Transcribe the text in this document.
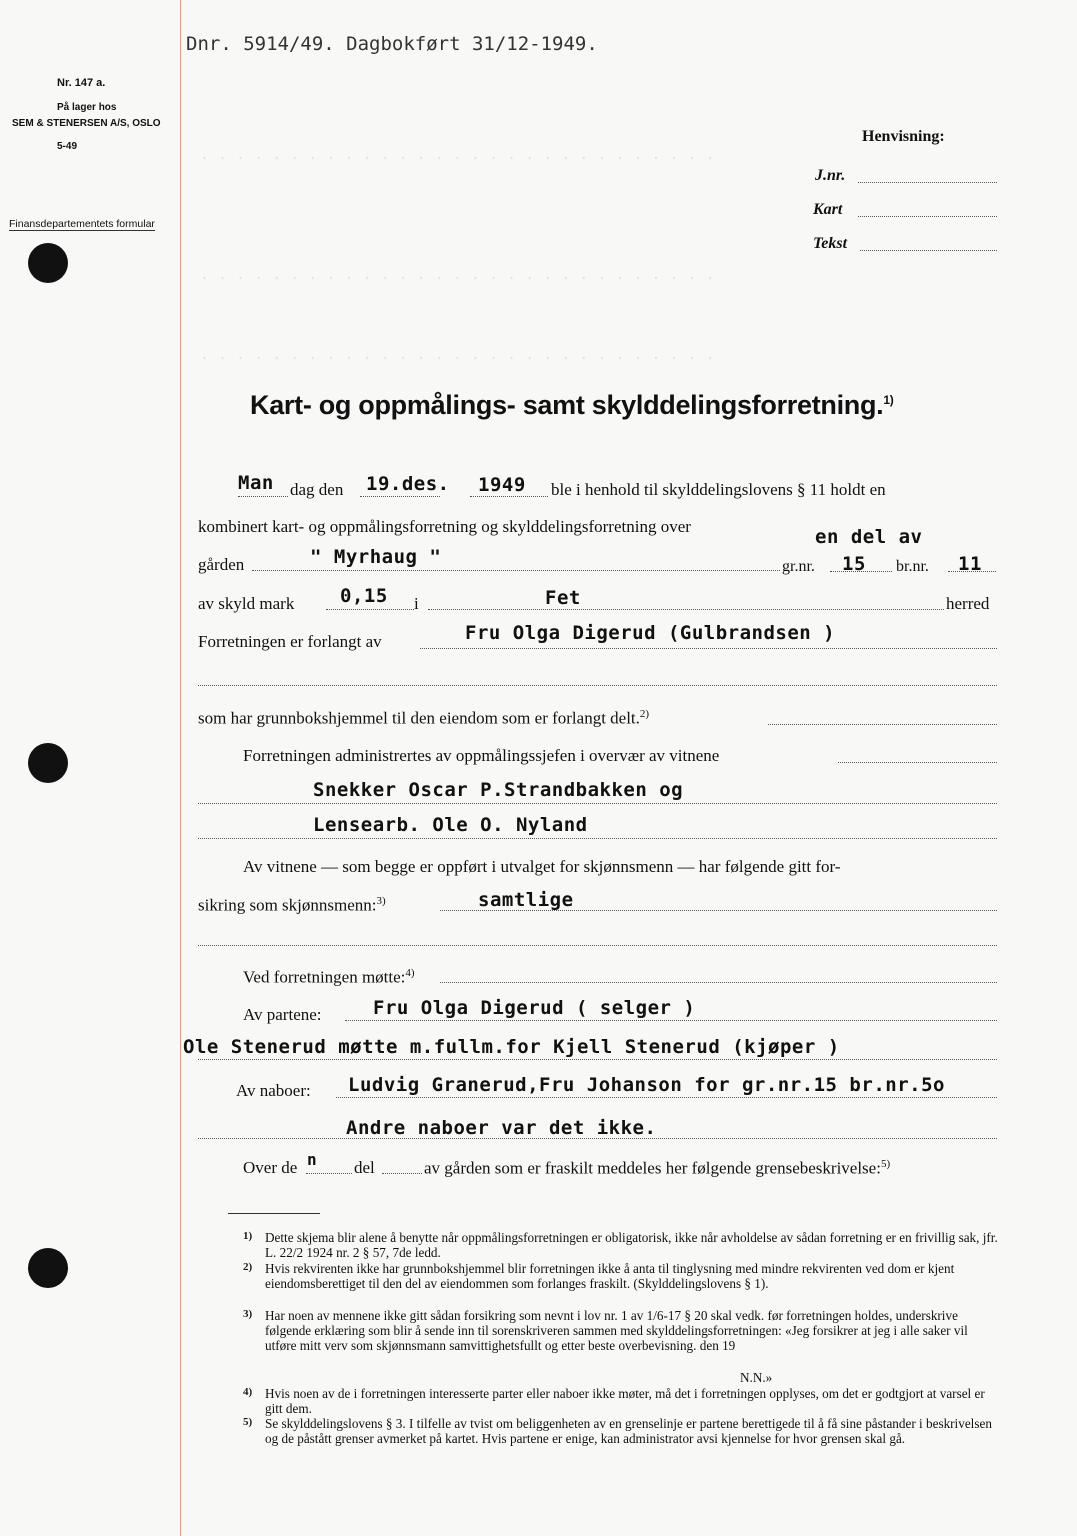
. . . . . . . . . . . . . . . . . . . . . . . . . . . . .
. . . . . . . . . . . . . . . . . . . . . . . . . . . . .
. . . . . . . . . . . . . . . . . . . . . . . . . . . . .
Dnr. 5914/49. Dagbokført 31/12-1949.
Nr. 147 a.
På lager hos
SEM & STENERSEN A/S, OSLO
5-49
Finansdepartementets formular
Henvisning:
J.nr.
Kart
Tekst
Kart- og oppmålings- samt skylddelingsforretning.$^{1)}$
Man dag den 19.des. 1949 ble i henhold til skylddelingslovens § 11 holdt en
kombinert kart- og oppmålingsforretning og skylddelingsforretning over	en del av
gården	" Myrhaug "	gr.nr. 15 br.nr. 11
av skyld mark 0,15 i	Fet	herred
Forretningen er forlangt av	Fru Olga Digerud (Gulbrandsen )
som har grunnbokshjemmel til den eiendom som er forlangt delt.$^{2)}$
Forretningen administrertes av oppmålingssjefen i overvær av vitnene
Snekker Oscar P.Strandbakken og
Lensearb. Ole O. Nyland
Av vitnene — som begge er oppført i utvalget for skjønnsmenn — har følgende gitt for-
sikring som skjønnsmenn:$^{3)}$	samtlige
Ved forretningen møtte:$^{4)}$
Av partene:	Fru Olga Digerud ( selger )
Ole Stenerud møtte m.fullm.for Kjell Stenerud (kjøper )
Av naboer: Ludvig Granerud,Fru Johanson for gr.nr.15 br.nr.5o
Andre naboer var det ikke.
Over de n del	av gården som er fraskilt meddeles her følgende grensebeskrivelse:$^{5)}$
1) Dette skjema blir alene å benytte når oppmålingsforretningen er obligatorisk, ikke når avholdelse av sådan forretning er en frivillig sak, jfr. L. 22/2 1924 nr. 2 § 57, 7de ledd.
2) Hvis rekvirenten ikke har grunnbokshjemmel blir forretningen ikke å anta til tinglysning med mindre rekvirenten ved dom er kjent eiendomsberettiget til den del av eiendommen som forlanges fraskilt. (Skylddelingslovens § 1).
3) Har noen av mennene ikke gitt sådan forsikring som nevnt i lov nr. 1 av 1/6-17 § 20 skal vedk. før forretningen holdes, underskrive følgende erklæring som blir å sende inn til sorenskriveren sammen med skylddelingsforretningen: «Jeg forsikrer at jeg i alle saker vil utføre mitt verv som skjønnsmann samvittighetsfullt og etter beste overbevisning. den 19
N.N.»
4) Hvis noen av de i forretningen interesserte parter eller naboer ikke møter, må det i forretningen opplyses, om det er godtgjort at varsel er gitt dem.
5) Se skylddelingslovens § 3. I tilfelle av tvist om beliggenheten av en grenselinje er partene berettigede til å få sine påstander i beskrivelsen og de påstått grenser avmerket på kartet. Hvis partene er enige, kan administrator avsi kjennelse for hvor grensen skal gå.
